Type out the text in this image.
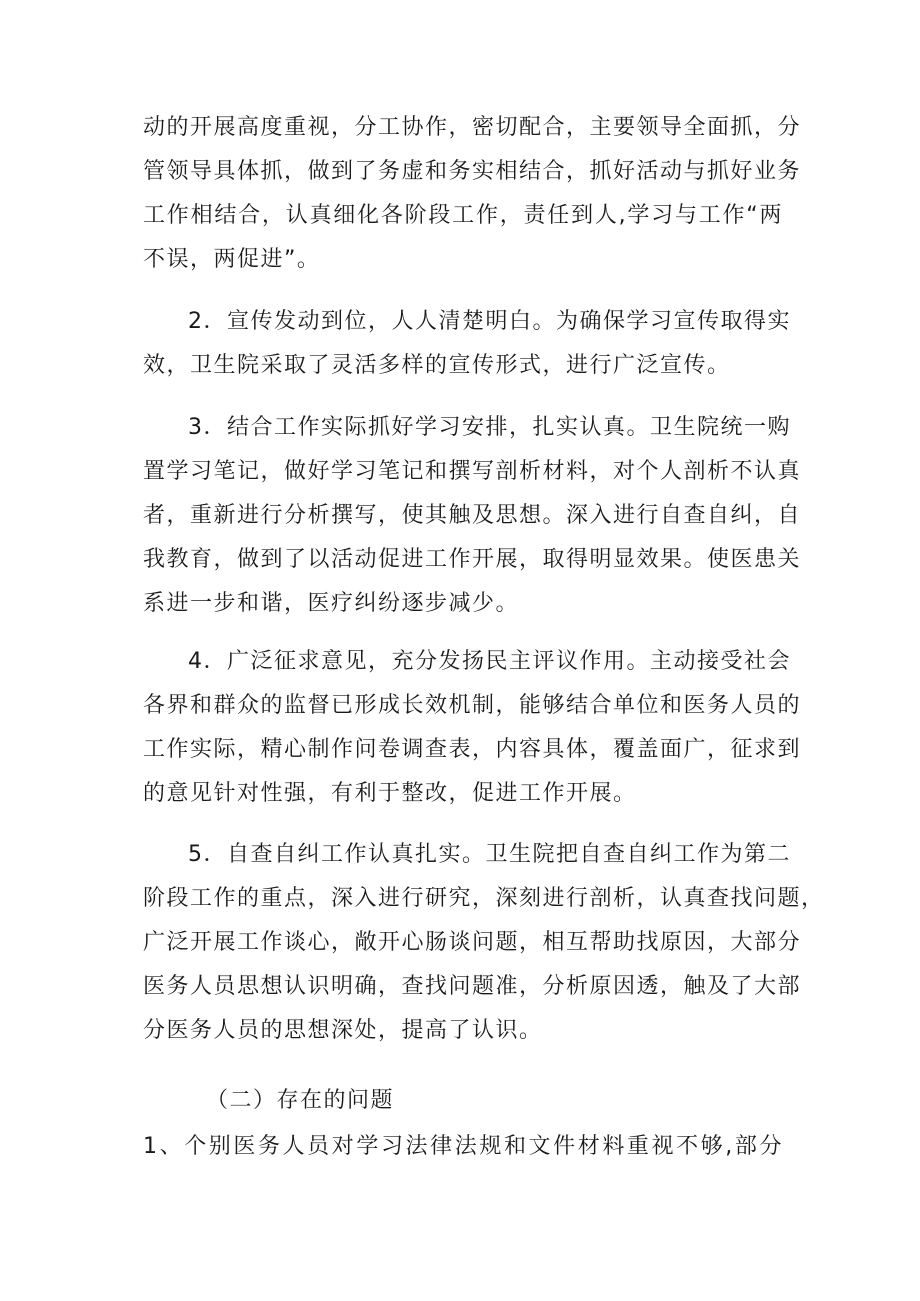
动的开展高度重视，分工协作，密切配合，主要领导全面抓，分
管领导具体抓，做到了务虚和务实相结合，抓好活动与抓好业务
工作相结合，认真细化各阶段工作，责任到人,学习与工作“两
不误，两促进”。
2．宣传发动到位，人人清楚明白。为确保学习宣传取得实
效，卫生院采取了灵活多样的宣传形式，进行广泛宣传。
3．结合工作实际抓好学习安排，扎实认真。卫生院统一购
置学习笔记，做好学习笔记和撰写剖析材料，对个人剖析不认真
者，重新进行分析撰写，使其触及思想。深入进行自查自纠，自
我教育，做到了以活动促进工作开展，取得明显效果。使医患关
系进一步和谐，医疗纠纷逐步减少。
4．广泛征求意见，充分发扬民主评议作用。主动接受社会
各界和群众的监督已形成长效机制，能够结合单位和医务人员的
工作实际，精心制作问卷调查表，内容具体，覆盖面广，征求到
的意见针对性强，有利于整改，促进工作开展。
5．自查自纠工作认真扎实。卫生院把自查自纠工作为第二
阶段工作的重点，深入进行研究，深刻进行剖析，认真查找问题，
广泛开展工作谈心，敞开心肠谈问题，相互帮助找原因，大部分
医务人员思想认识明确，查找问题准，分析原因透，触及了大部
分医务人员的思想深处，提高了认识。
（二）存在的问题
1、个别医务人员对学习法律法规和文件材料重视不够,部分
